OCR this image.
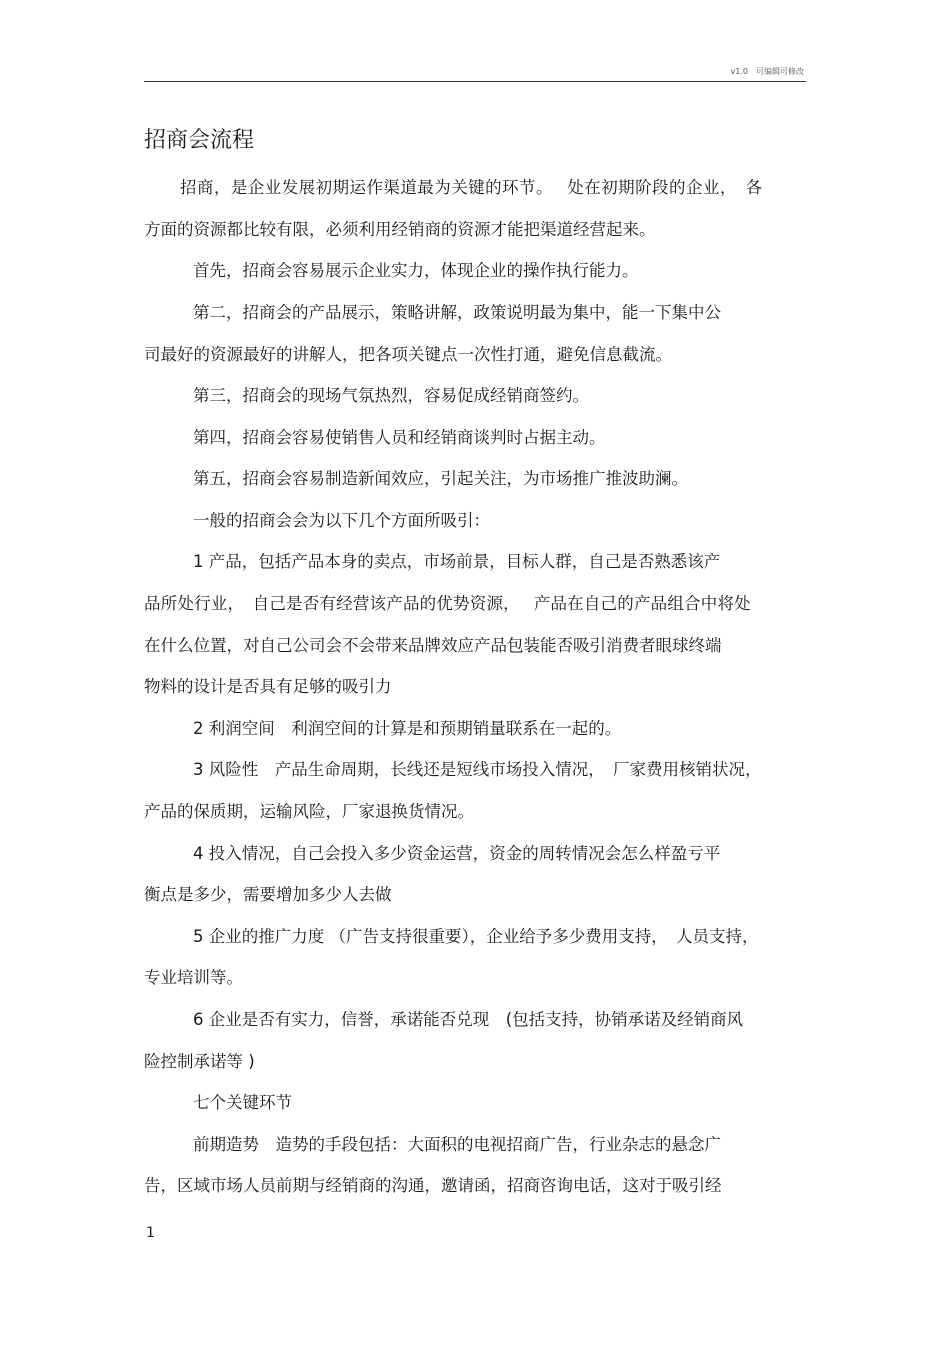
v1.0　可编辑可修改
招商会流程
招商，是企业发展初期运作渠道最为关键的环节。　 处在初期阶段的企业，　各
方面的资源都比较有限，必须利用经销商的资源才能把渠道经营起来。
首先，招商会容易展示企业实力，体现企业的操作执行能力。
第二，招商会的产品展示，策略讲解，政策说明最为集中，能一下集中公
司最好的资源最好的讲解人，把各项关键点一次性打通，避免信息截流。
第三，招商会的现场气氛热烈，容易促成经销商签约。
第四，招商会容易使销售人员和经销商谈判时占据主动。
第五，招商会容易制造新闻效应，引起关注，为市场推广推波助澜。
一般的招商会会为以下几个方面所吸引：
1 产品，包括产品本身的卖点，市场前景，目标人群，自己是否熟悉该产
品所处行业，　自己是否有经营该产品的优势资源，　 产品在自己的产品组合中将处
在什么位置，对自己公司会不会带来品牌效应产品包装能否吸引消费者眼球终端
物料的设计是否具有足够的吸引力
2 利润空间　利润空间的计算是和预期销量联系在一起的。
3 风险性　产品生命周期，长线还是短线市场投入情况，　厂家费用核销状况，
产品的保质期，运输风险，厂家退换货情况。
4 投入情况，自己会投入多少资金运营，资金的周转情况会怎么样盈亏平
衡点是多少，需要增加多少人去做
5 企业的推广力度 （广告支持很重要），企业给予多少费用支持，　人员支持，
专业培训等。
6 企业是否有实力，信誉，承诺能否兑现　(包括支持，协销承诺及经销商风
险控制承诺等 )
七个关键环节
前期造势　造势的手段包括：大面积的电视招商广告，行业杂志的悬念广
告，区域市场人员前期与经销商的沟通，邀请函，招商咨询电话，这对于吸引经
1
